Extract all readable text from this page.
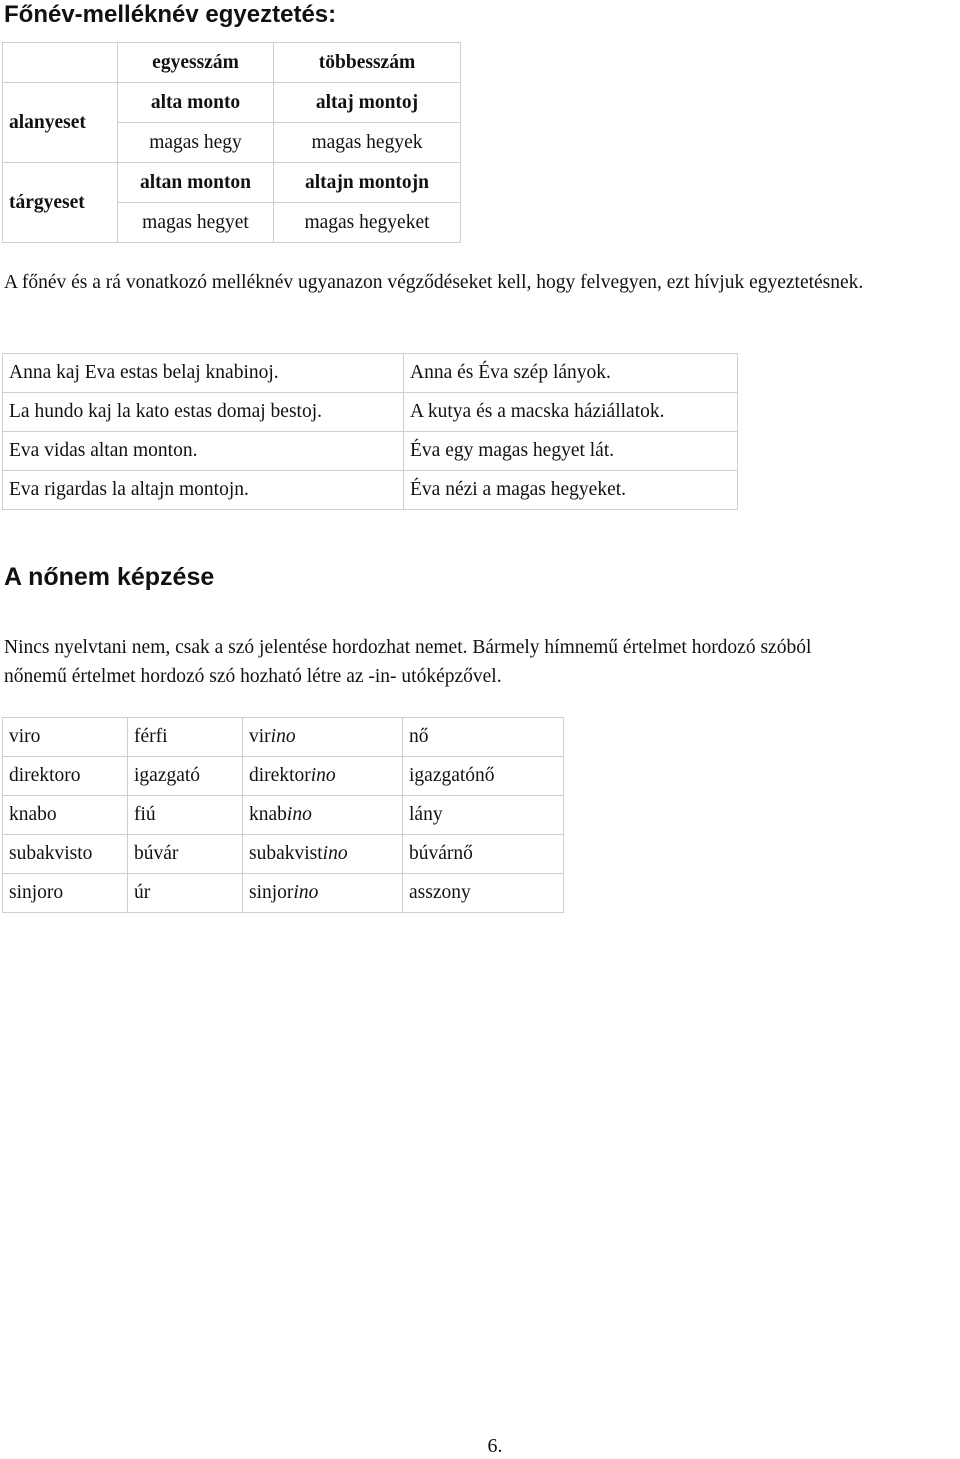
Főnév-melléknév egyeztetés:
	egyesszám	többesszám
alanyeset	alta monto	altaj montoj
	magas hegy	magas hegyek
tárgyeset	altan monton	altajn montojn
	magas hegyet	magas hegyeket

A főnév és a rá vonatkozó melléknév ugyanazon végződéseket kell, hogy felvegyen, ezt hívjuk egyeztetésnek.

Anna kaj Eva estas belaj knabinoj.	Anna és Éva szép lányok.
La hundo kaj la kato estas domaj bestoj.	A kutya és a macska háziállatok.
Eva vidas altan monton.	Éva egy magas hegyet lát.
Eva rigardas la altajn montojn.	Éva nézi a magas hegyeket.
A nőnem képzése
Nincs nyelvtani nem, csak a szó jelentése hordozhat nemet. Bármely hímnemű értelmet hordozó szóból
nőnemű értelmet hordozó szó hozható létre az -in- utóképzővel.
viro	férfi	virino	nő
direktoro	igazgató	direktorino	igazgatónő
knabo	fiú	knabino	lány
subakvisto	búvár	subakvistino	búvárnő
sinjoro	úr	sinjorino	asszony
6.
